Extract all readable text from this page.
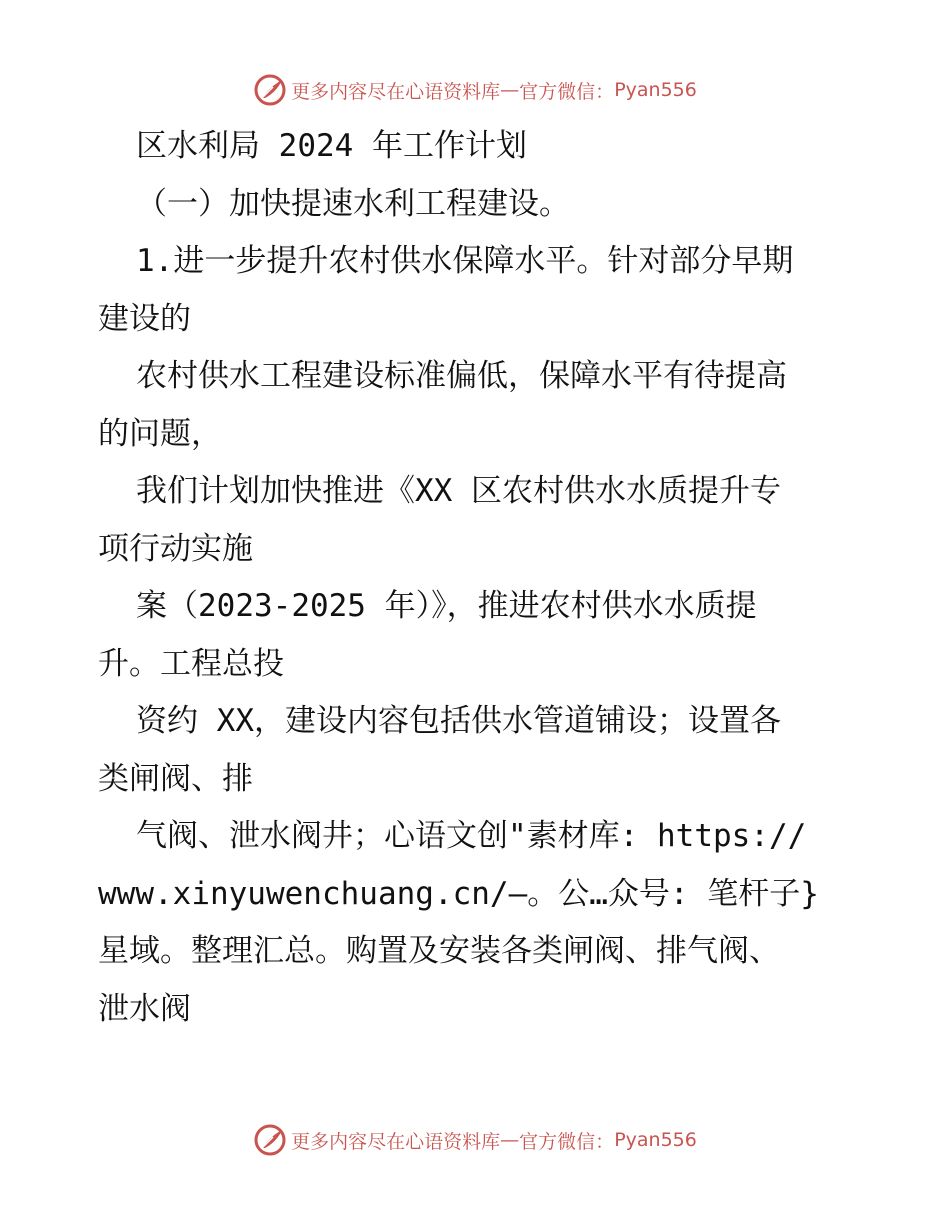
更多内容尽在心语资料库 — 官方微信： Pyan556
区水利局 2024 年工作计划
（一）加快提速水利工程建设。
1.进一步提升农村供水保障水平。针对部分早期
建设的
农村供水工程建设标准偏低，保障水平有待提高
的问题，
我们计划加快推进《XX 区农村供水水质提升专
项行动实施
案（2023-2025 年）》，推进农村供水水质提
升。工程总投
资约 XX，建设内容包括供水管道铺设；设置各
类闸阀、排
气阀、泄水阀井；心语文创"素材库: https://
www.xinyuwenchuang.cn/—。公…众号: 笔杆子}
星域。整理汇总。购置及安装各类闸阀、排气阀、
泄水阀
更多内容尽在心语资料库 — 官方微信： Pyan556
